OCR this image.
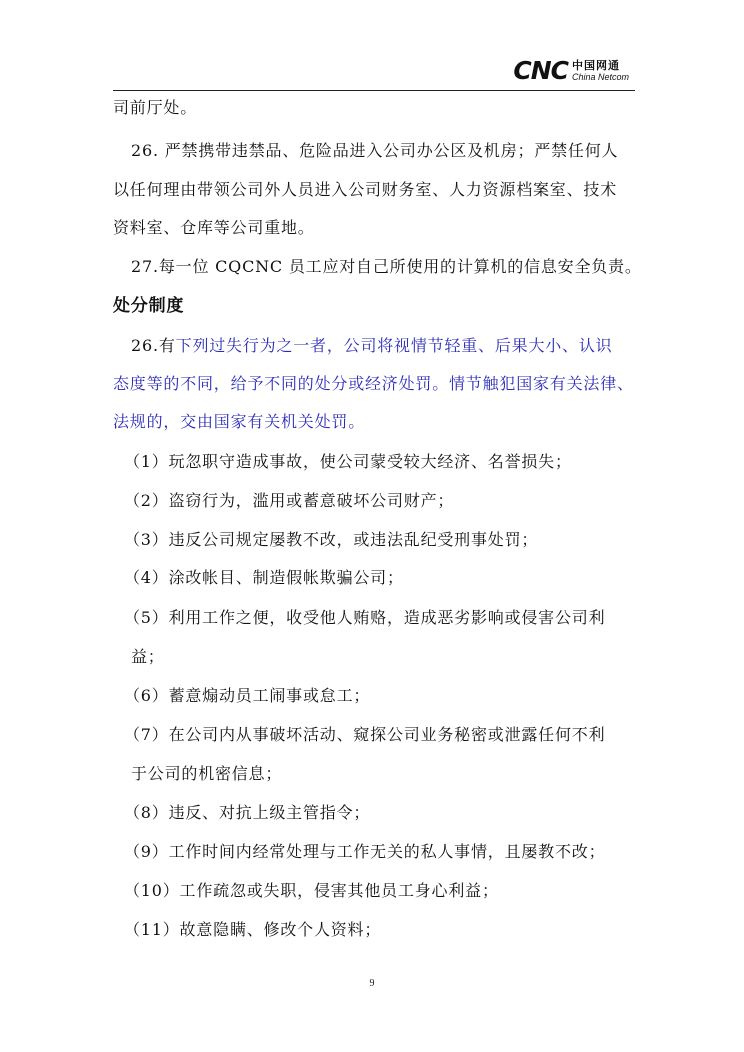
CNC 中国网通
China Netcom
司前厅处。
26. 严禁携带违禁品、危险品进入公司办公区及机房；严禁任何人
以任何理由带领公司外人员进入公司财务室、人力资源档案室、技术
资料室、仓库等公司重地。
27.每一位 CQCNC 员工应对自己所使用的计算机的信息安全负责。
处分制度
26.有下列过失行为之一者，公司将视情节轻重、后果大小、认识
态度等的不同，给予不同的处分或经济处罚。情节触犯国家有关法律、
法规的，交由国家有关机关处罚。
（1）玩忽职守造成事故，使公司蒙受较大经济、名誉损失；
（2）盗窃行为，滥用或蓄意破坏公司财产；
（3）违反公司规定屡教不改，或违法乱纪受刑事处罚；
（4）涂改帐目、制造假帐欺骗公司；
（5）利用工作之便，收受他人贿赂，造成恶劣影响或侵害公司利
益；
（6）蓄意煽动员工闹事或怠工；
（7）在公司内从事破坏活动、窥探公司业务秘密或泄露任何不利
于公司的机密信息；
（8）违反、对抗上级主管指令；
（9）工作时间内经常处理与工作无关的私人事情，且屡教不改；
（10）工作疏忽或失职，侵害其他员工身心利益；
（11）故意隐瞒、修改个人资料；
9
